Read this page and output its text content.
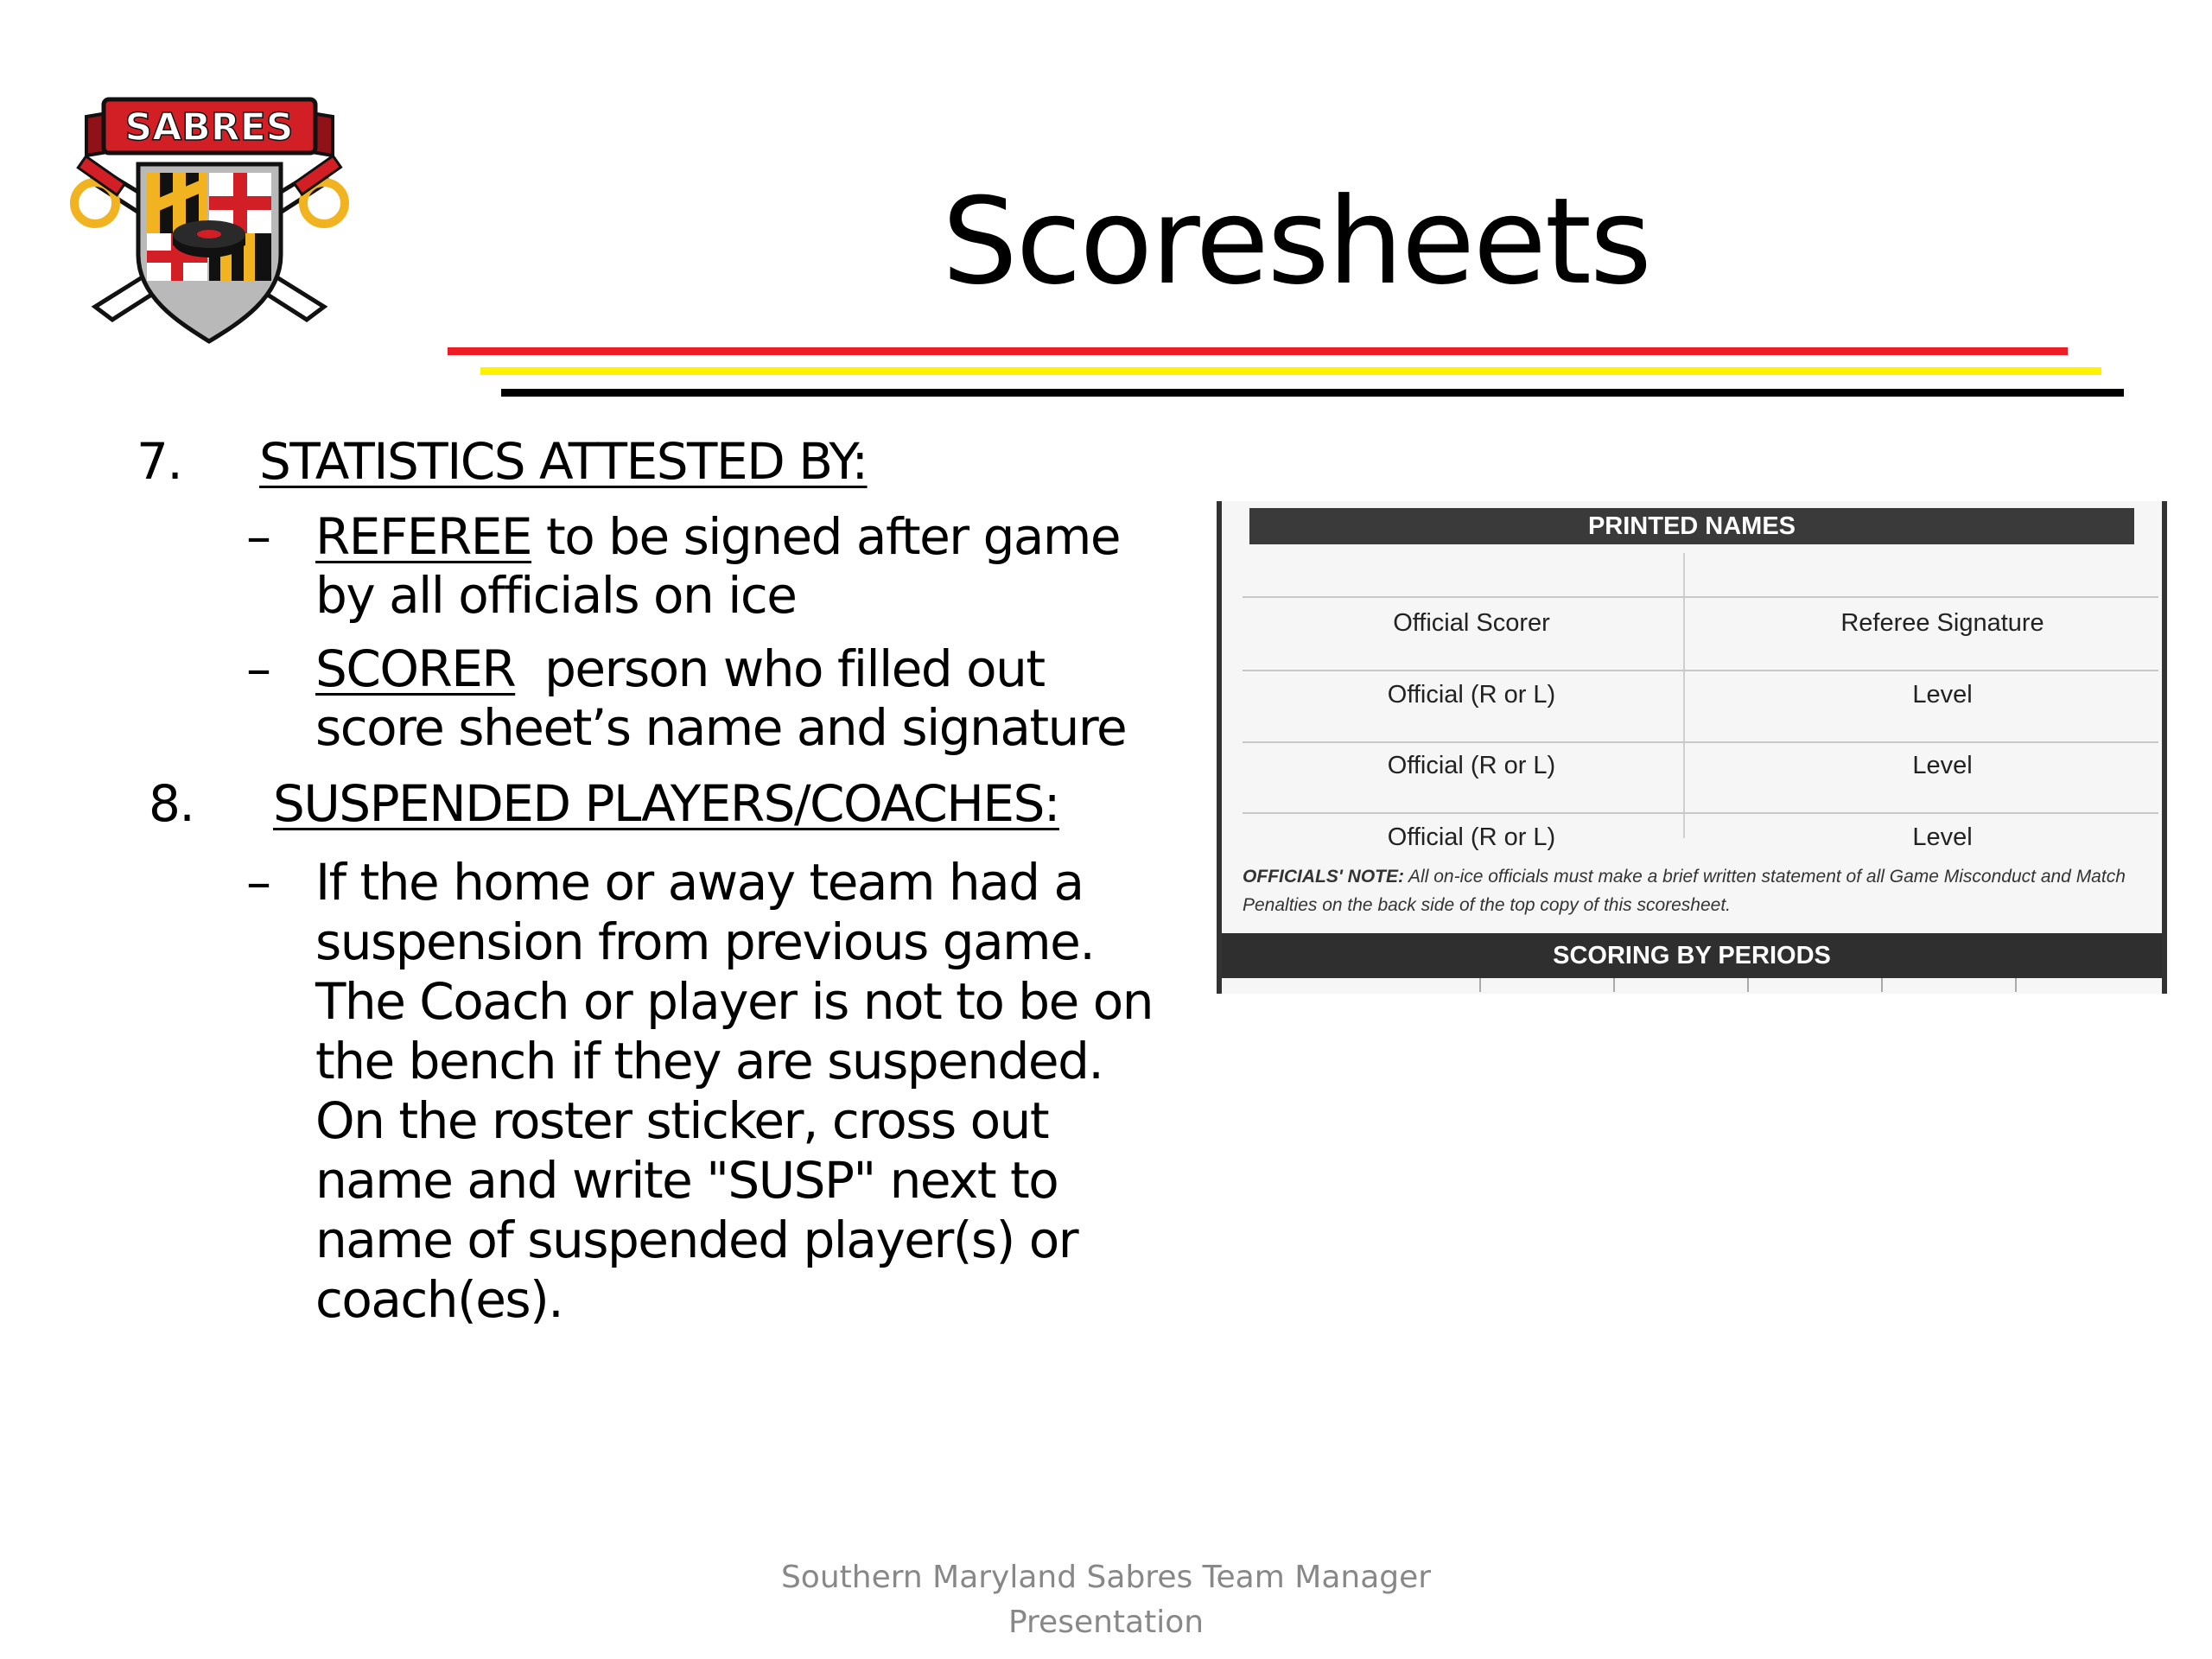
SABRES
Scoresheets
7. STATISTICS ATTESTED BY:
– REFEREE to be signed after game
by all officials on ice
– SCORER  person who filled out
score sheet’s name and signature
8. SUSPENDED PLAYERS/COACHES:
– If the home or away team had a
suspension from previous game.
The Coach or player is not to be on
the bench if they are suspended.
On the roster sticker, cross out
name and write "SUSP" next to
name of suspended player(s) or
coach(es).
PRINTED NAMES
Official Scorer	Referee Signature
Official (R or L)	Level
Official (R or L)	Level
Official (R or L)	Level
OFFICIALS' NOTE: All on-ice officials must make a brief written statement of all Game Misconduct and Match Penalties on the back side of the top copy of this scoresheet.
SCORING BY PERIODS
Southern Maryland Sabres Team Manager
Presentation
